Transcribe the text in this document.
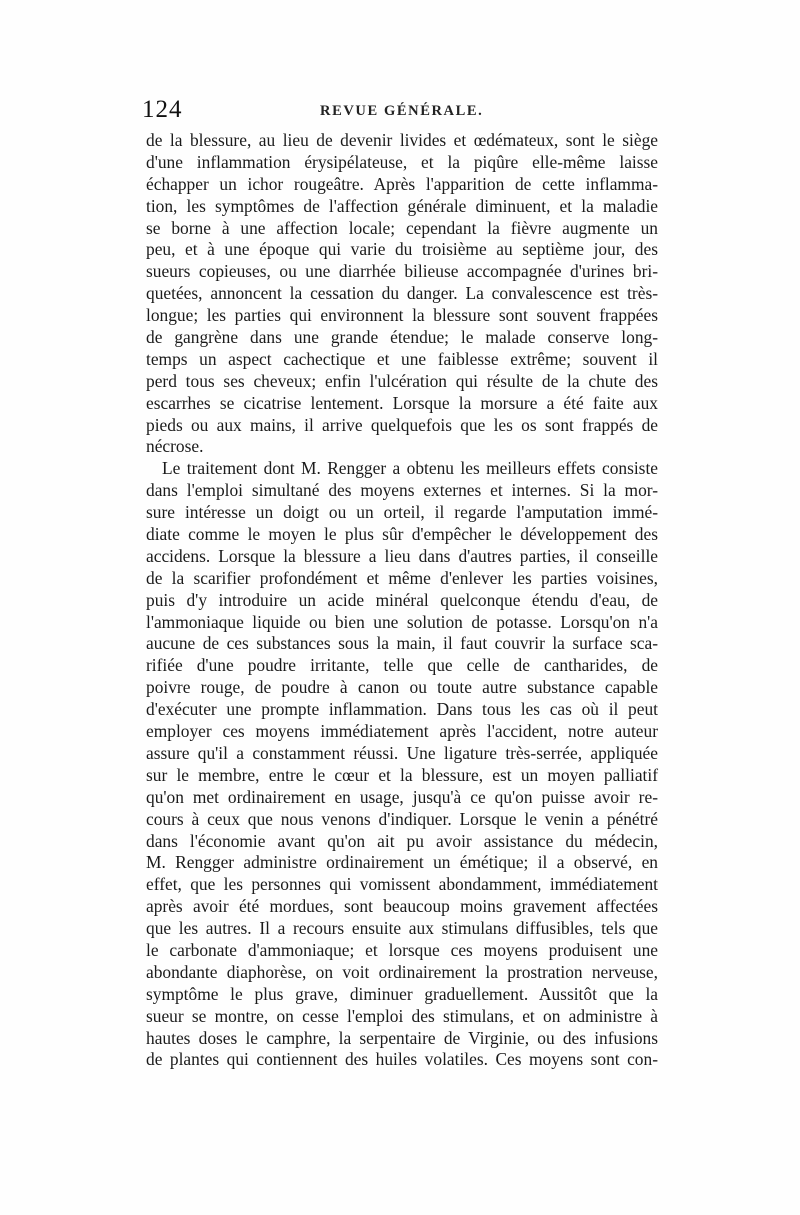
124	REVUE GÉNÉRALE.
de la blessure, au lieu de devenir livides et œdémateux, sont le siège
d'une inflammation érysipélateuse, et la piqûre elle-même laisse
échapper un ichor rougeâtre. Après l'apparition de cette inflamma-
tion, les symptômes de l'affection générale diminuent, et la maladie
se borne à une affection locale; cependant la fièvre augmente un
peu, et à une époque qui varie du troisième au septième jour, des
sueurs copieuses, ou une diarrhée bilieuse accompagnée d'urines bri-
quetées, annoncent la cessation du danger. La convalescence est très-
longue; les parties qui environnent la blessure sont souvent frappées
de gangrène dans une grande étendue; le malade conserve long-
temps un aspect cachectique et une faiblesse extrême; souvent il
perd tous ses cheveux; enfin l'ulcération qui résulte de la chute des
escarrhes se cicatrise lentement. Lorsque la morsure a été faite aux
pieds ou aux mains, il arrive quelquefois que les os sont frappés de
nécrose.
Le traitement dont M. Rengger a obtenu les meilleurs effets consiste
dans l'emploi simultané des moyens externes et internes. Si la mor-
sure intéresse un doigt ou un orteil, il regarde l'amputation immé-
diate comme le moyen le plus sûr d'empêcher le développement des
accidens. Lorsque la blessure a lieu dans d'autres parties, il conseille
de la scarifier profondément et même d'enlever les parties voisines,
puis d'y introduire un acide minéral quelconque étendu d'eau, de
l'ammoniaque liquide ou bien une solution de potasse. Lorsqu'on n'a
aucune de ces substances sous la main, il faut couvrir la surface sca-
rifiée d'une poudre irritante, telle que celle de cantharides, de
poivre rouge, de poudre à canon ou toute autre substance capable
d'exécuter une prompte inflammation. Dans tous les cas où il peut
employer ces moyens immédiatement après l'accident, notre auteur
assure qu'il a constamment réussi. Une ligature très-serrée, appliquée
sur le membre, entre le cœur et la blessure, est un moyen palliatif
qu'on met ordinairement en usage, jusqu'à ce qu'on puisse avoir re-
cours à ceux que nous venons d'indiquer. Lorsque le venin a pénétré
dans l'économie avant qu'on ait pu avoir assistance du médecin,
M. Rengger administre ordinairement un émétique; il a observé, en
effet, que les personnes qui vomissent abondamment, immédiatement
après avoir été mordues, sont beaucoup moins gravement affectées
que les autres. Il a recours ensuite aux stimulans diffusibles, tels que
le carbonate d'ammoniaque; et lorsque ces moyens produisent une
abondante diaphorèse, on voit ordinairement la prostration nerveuse,
symptôme le plus grave, diminuer graduellement. Aussitôt que la
sueur se montre, on cesse l'emploi des stimulans, et on administre à
hautes doses le camphre, la serpentaire de Virginie, ou des infusions
de plantes qui contiennent des huiles volatiles. Ces moyens sont con-
